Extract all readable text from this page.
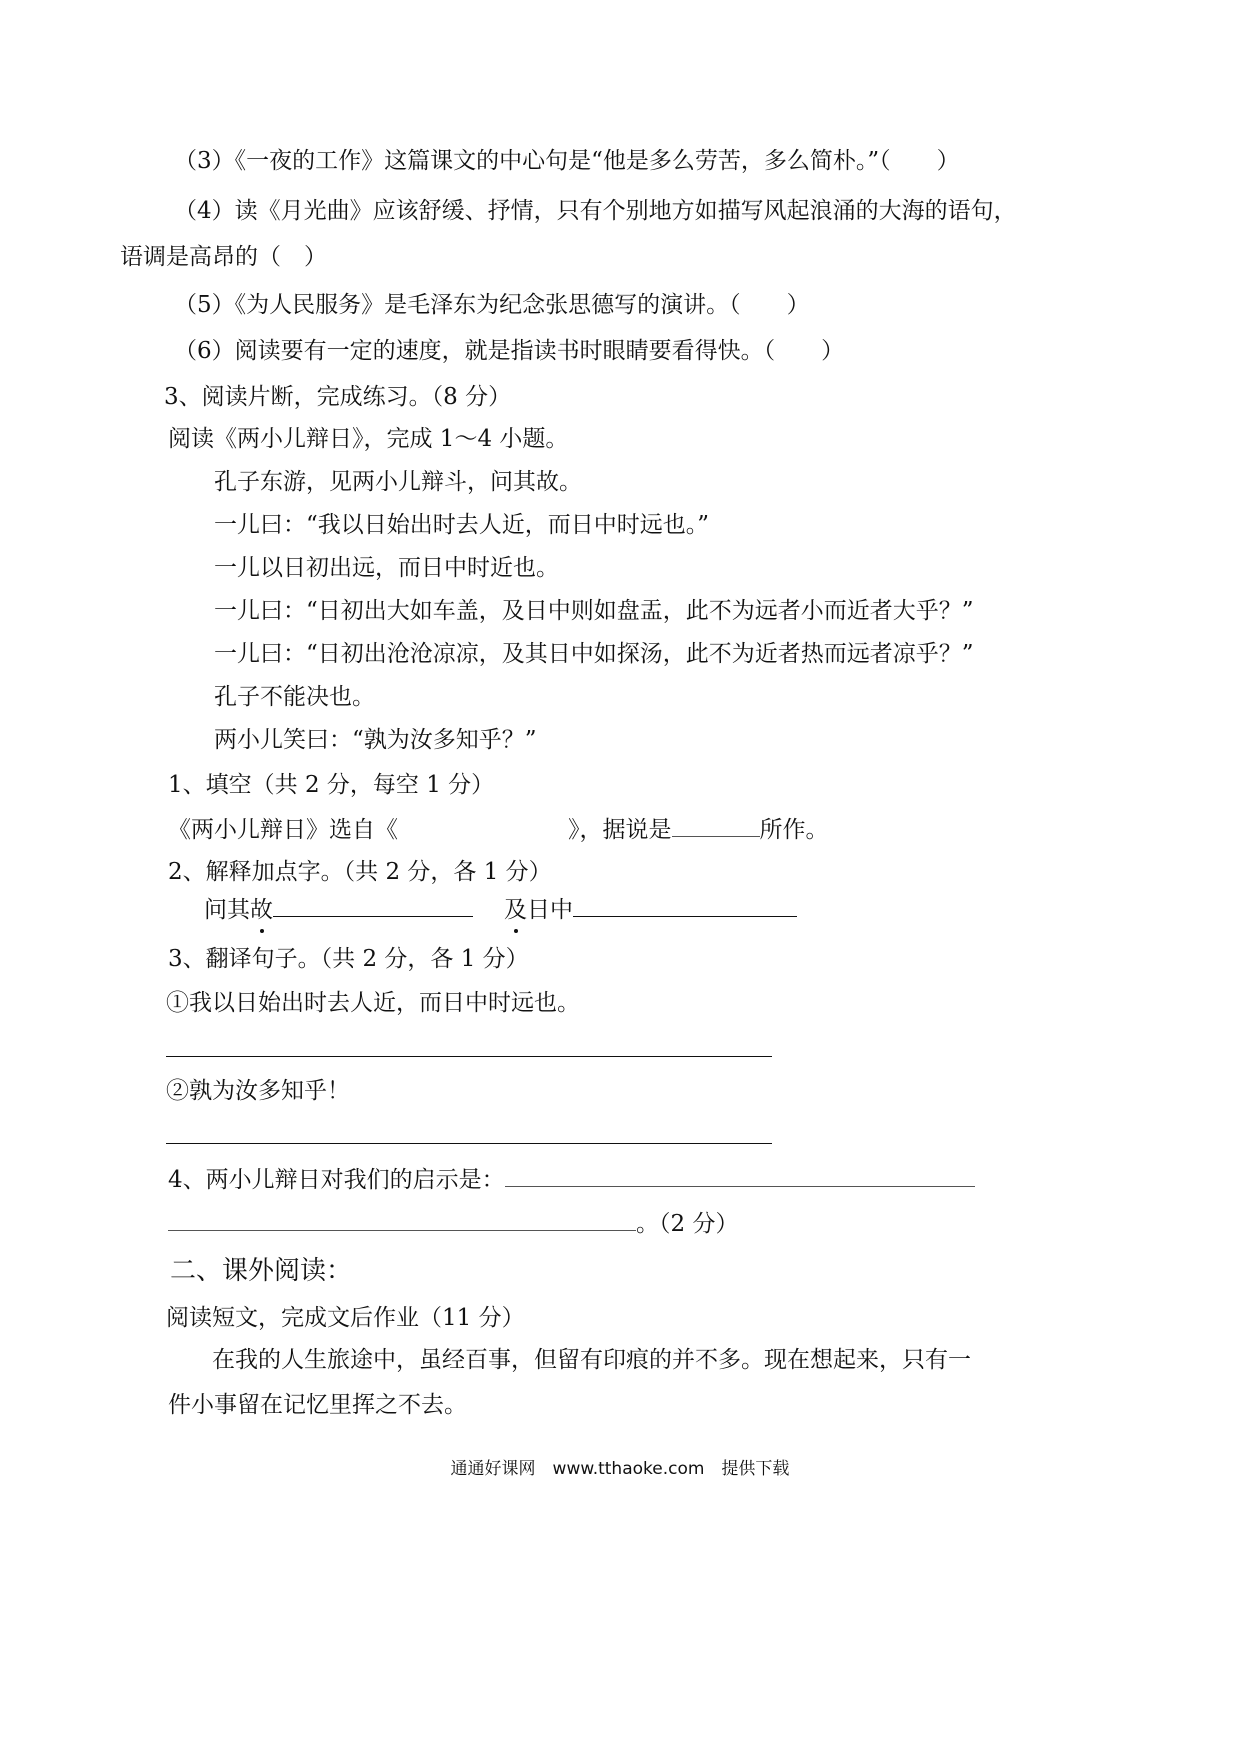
（3）《一夜的工作》这篇课文的中心句是“他是多么劳苦，多么简朴。”（　　）
（4）读《月光曲》应该舒缓、抒情，只有个别地方如描写风起浪涌的大海的语句，
语调是高昂的（　）
（5）《为人民服务》是毛泽东为纪念张思德写的演讲。（　　）
（6）阅读要有一定的速度，就是指读书时眼睛要看得快。（　　）
3、阅读片断，完成练习。（8 分）
阅读《两小儿辩日》，完成 1～4 小题。
孔子东游，见两小儿辩斗，问其故。
一儿曰：“我以日始出时去人近，而日中时远也。”
一儿以日初出远，而日中时近也。
一儿曰：“日初出大如车盖，及日中则如盘盂，此不为远者小而近者大乎？”
一儿曰：“日初出沧沧凉凉，及其日中如探汤，此不为近者热而远者凉乎？”
孔子不能决也。
两小儿笑曰：“孰为汝多知乎？”
1、填空（共 2 分，每空 1 分）
《两小儿辩日》选自《	》，据说是	所作。
2、解释加点字。（共 2 分，各 1 分）
问其故	及日中
3、翻译句子。（共 2 分，各 1 分）
①我以日始出时去人近，而日中时远也。
②孰为汝多知乎！
4、两小儿辩日对我们的启示是：
。（2 分）
二、课外阅读：
阅读短文，完成文后作业（11 分）
在我的人生旅途中，虽经百事，但留有印痕的并不多。现在想起来，只有一
件小事留在记忆里挥之不去。
通通好课网　www.tthaoke.com　提供下载
